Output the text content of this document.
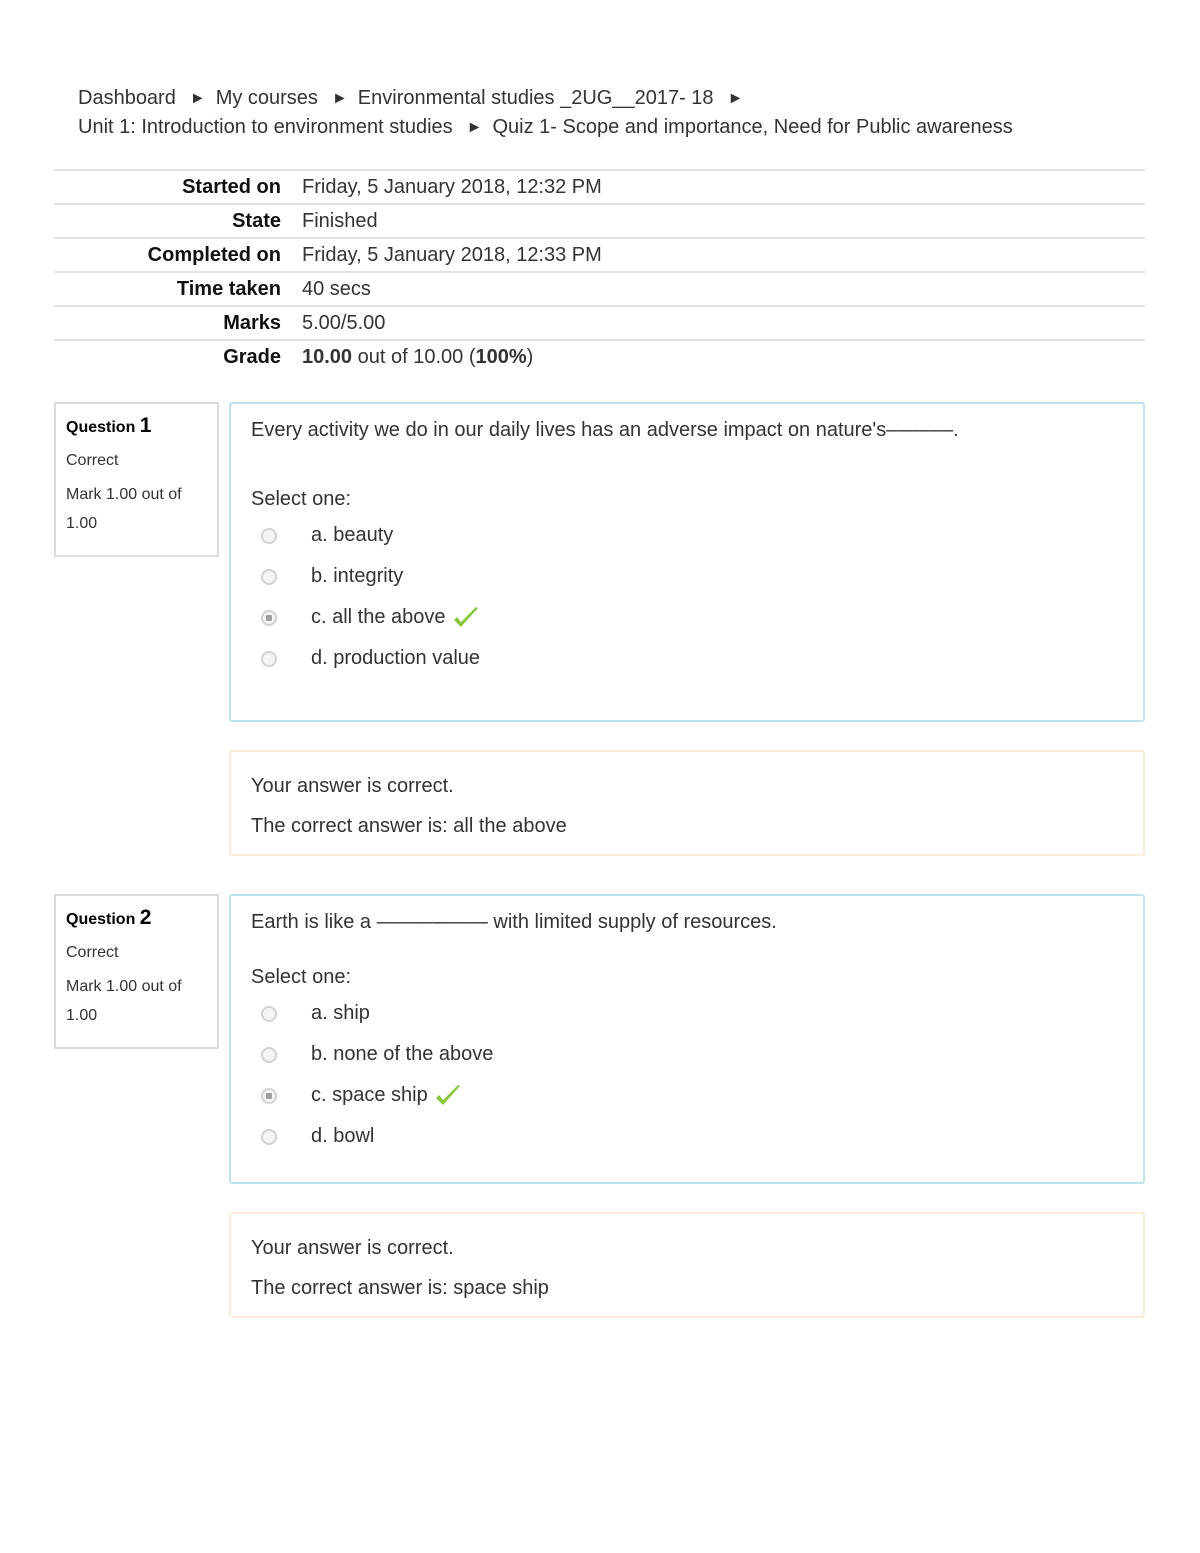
Dashboard ► My courses ► Environmental studies _2UG__2017- 18 ►
Unit 1: Introduction to environment studies ► Quiz 1- Scope and importance, Need for Public awareness
Started on	Friday, 5 January 2018, 12:32 PM
State	Finished
Completed on	Friday, 5 January 2018, 12:33 PM
Time taken	40 secs
Marks	5.00/5.00
Grade	10.00 out of 10.00 (100%)
Question 1
Correct
Mark 1.00 out of 1.00
Every activity we do in our daily lives has an adverse impact on nature's––––––.
Select one:
a. beauty
b. integrity
c. all the above
d. production value
Your answer is correct.
The correct answer is: all the above
Question 2
Correct
Mark 1.00 out of 1.00
Earth is like a –––––––––– with limited supply of resources.
Select one:
a. ship
b. none of the above
c. space ship
d. bowl
Your answer is correct.
The correct answer is: space ship
